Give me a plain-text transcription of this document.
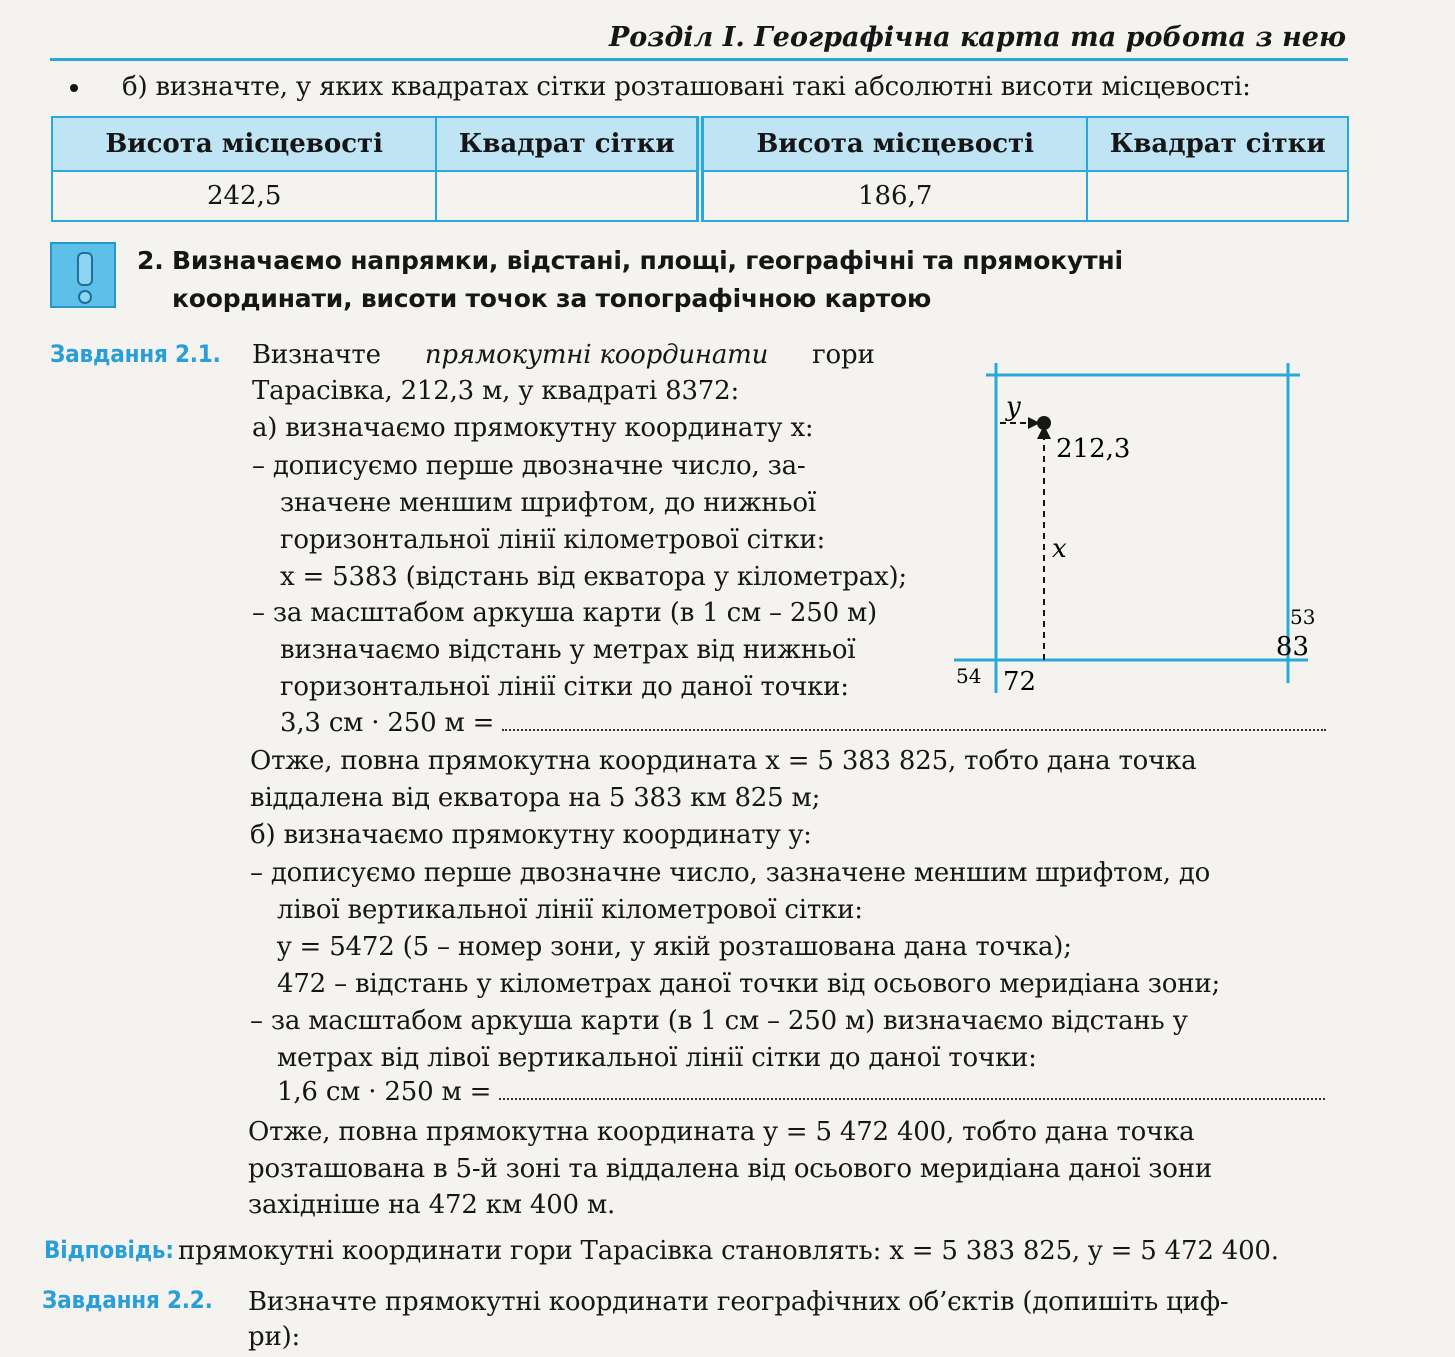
Розділ І. Географічна карта та робота з нею
б) визначте, у яких квадратах сітки розташовані такі абсолютні висоти місцевості:
Висота місцевості	Квадрат сітки	Висота місцевості	Квадрат сітки
242,5		186,7	
2. Визначаємо напрямки, відстані, площі, географічні та прямокутні
координати, висоти точок за топографічною картою
Завдання 2.1. Визначте прямокутні координати гори
Тарасівка, 212,3 м, у квадраті 8372:
а) визначаємо прямокутну координату x:
– дописуємо перше двозначне число, за-
значене меншим шрифтом, до нижньої
горизонтальної лінії кілометрової сітки:
x = 5383 (відстань від екватора у кілометрах);
– за масштабом аркуша карти (в 1 см – 250 м)
визначаємо відстань у метрах від нижньої
горизонтальної лінії сітки до даної точки:
3,3 см · 250 м =
Отже, повна прямокутна координата x = 5 383 825, тобто дана точка
віддалена від екватора на 5 383 км 825 м;
б) визначаємо прямокутну координату y:
– дописуємо перше двозначне число, зазначене меншим шрифтом, до
лівої вертикальної лінії кілометрової сітки:
y = 5472 (5 – номер зони, у якій розташована дана точка);
472 – відстань у кілометрах даної точки від осьового меридіана зони;
– за масштабом аркуша карти (в 1 см – 250 м) визначаємо відстань у
метрах від лівої вертикальної лінії сітки до даної точки:
1,6 см · 250 м =
Отже, повна прямокутна координата y = 5 472 400, тобто дана точка
розташована в 5-й зоні та віддалена від осьового меридіана даної зони
західніше на 472 км 400 м.
Відповідь: прямокутні координати гори Тарасівка становлять: x = 5 383 825, y = 5 472 400.
Завдання 2.2. Визначте прямокутні координати географічних об’єктів (допишіть циф-
ри):
y
212,3
x
53
83
54 72
